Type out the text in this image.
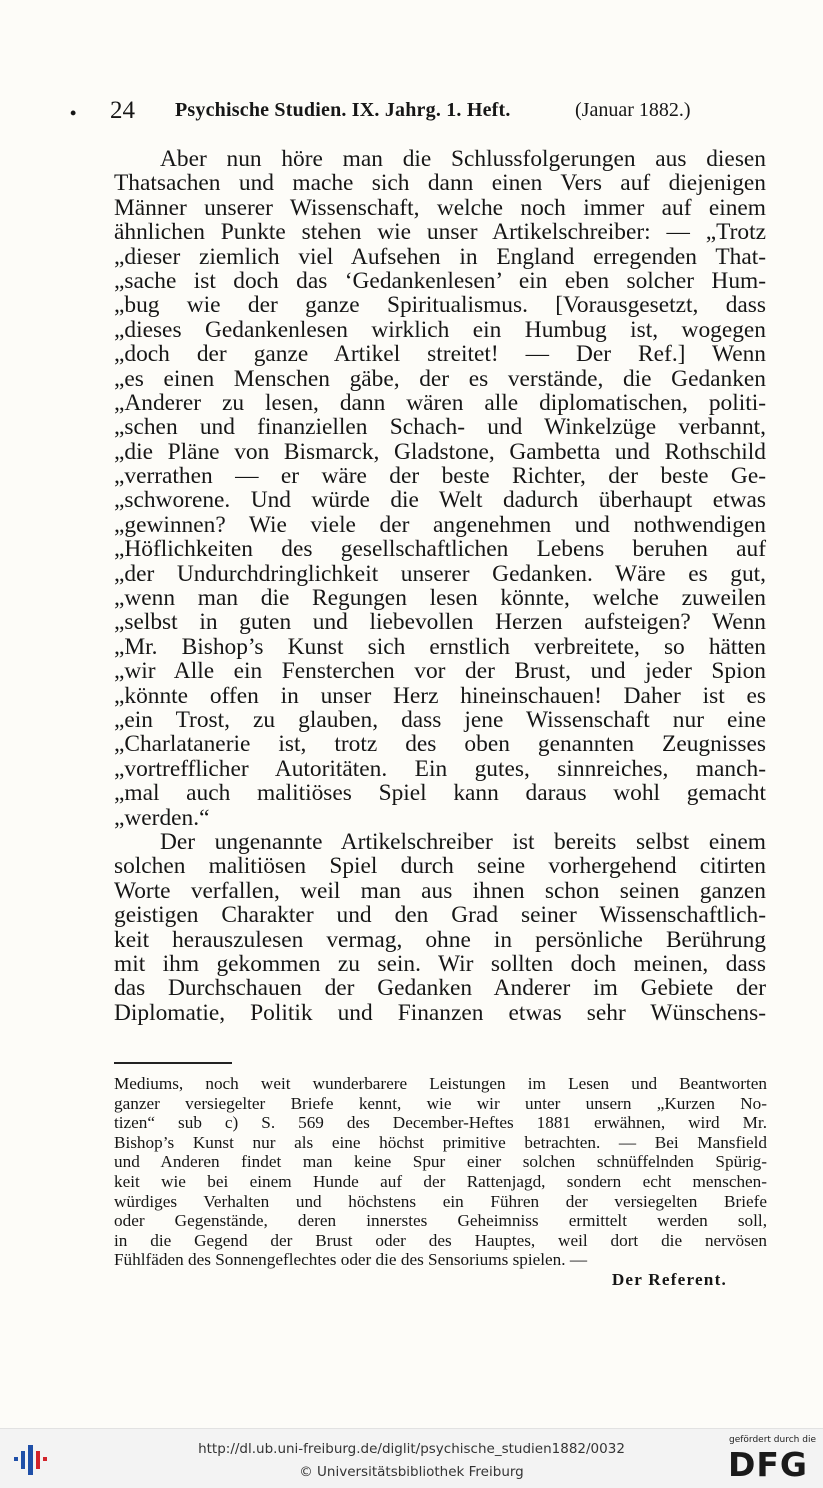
• 24 Psychische Studien. IX. Jahrg. 1. Heft.	(Januar 1882.)
Aber nun höre man die Schlussfolgerungen aus diesen
Thatsachen und mache sich dann einen Vers auf diejenigen
Männer unserer Wissenschaft, welche noch immer auf einem
ähnlichen Punkte stehen wie unser Artikelschreiber: — „Trotz
„dieser ziemlich viel Aufsehen in England erregenden That-
„sache ist doch das ‘Gedankenlesen’ ein eben solcher Hum-
„bug wie der ganze Spiritualismus. [Vorausgesetzt, dass
„dieses Gedankenlesen wirklich ein Humbug ist, wogegen
„doch der ganze Artikel streitet! — Der Ref.] Wenn
„es einen Menschen gäbe, der es verstände, die Gedanken
„Anderer zu lesen, dann wären alle diplomatischen, politi-
„schen und finanziellen Schach- und Winkelzüge verbannt,
„die Pläne von Bismarck, Gladstone, Gambetta und Rothschild
„verrathen — er wäre der beste Richter, der beste Ge-
„schworene. Und würde die Welt dadurch überhaupt etwas
„gewinnen? Wie viele der angenehmen und nothwendigen
„Höflichkeiten des gesellschaftlichen Lebens beruhen auf
„der Undurchdringlichkeit unserer Gedanken. Wäre es gut,
„wenn man die Regungen lesen könnte, welche zuweilen
„selbst in guten und liebevollen Herzen aufsteigen? Wenn
„Mr. Bishop’s Kunst sich ernstlich verbreitete, so hätten
„wir Alle ein Fensterchen vor der Brust, und jeder Spion
„könnte offen in unser Herz hineinschauen! Daher ist es
„ein Trost, zu glauben, dass jene Wissenschaft nur eine
„Charlatanerie ist, trotz des oben genannten Zeugnisses
„vortrefflicher Autoritäten. Ein gutes, sinnreiches, manch-
„mal auch malitiöses Spiel kann daraus wohl gemacht
„werden.“
Der ungenannte Artikelschreiber ist bereits selbst einem
solchen malitiösen Spiel durch seine vorhergehend citirten
Worte verfallen, weil man aus ihnen schon seinen ganzen
geistigen Charakter und den Grad seiner Wissenschaftlich-
keit herauszulesen vermag, ohne in persönliche Berührung
mit ihm gekommen zu sein. Wir sollten doch meinen, dass
das Durchschauen der Gedanken Anderer im Gebiete der
Diplomatie, Politik und Finanzen etwas sehr Wünschens-
Mediums, noch weit wunderbarere Leistungen im Lesen und Beantworten
ganzer versiegelter Briefe kennt, wie wir unter unsern „Kurzen No-
tizen“ sub c) S. 569 des December-Heftes 1881 erwähnen, wird Mr.
Bishop’s Kunst nur als eine höchst primitive betrachten. — Bei Mansfield
und Anderen findet man keine Spur einer solchen schnüffelnden Spürig-
keit wie bei einem Hunde auf der Rattenjagd, sondern echt menschen-
würdiges Verhalten und höchstens ein Führen der versiegelten Briefe
oder Gegenstände, deren innerstes Geheimniss ermittelt werden soll,
in die Gegend der Brust oder des Hauptes, weil dort die nervösen
Fühlfäden des Sonnengeflechtes oder die des Sensoriums spielen. —
Der Referent.
http://dl.ub.uni-freiburg.de/diglit/psychische_studien1882/0032
© Universitätsbibliothek Freiburg
gefördert durch die
DFG
